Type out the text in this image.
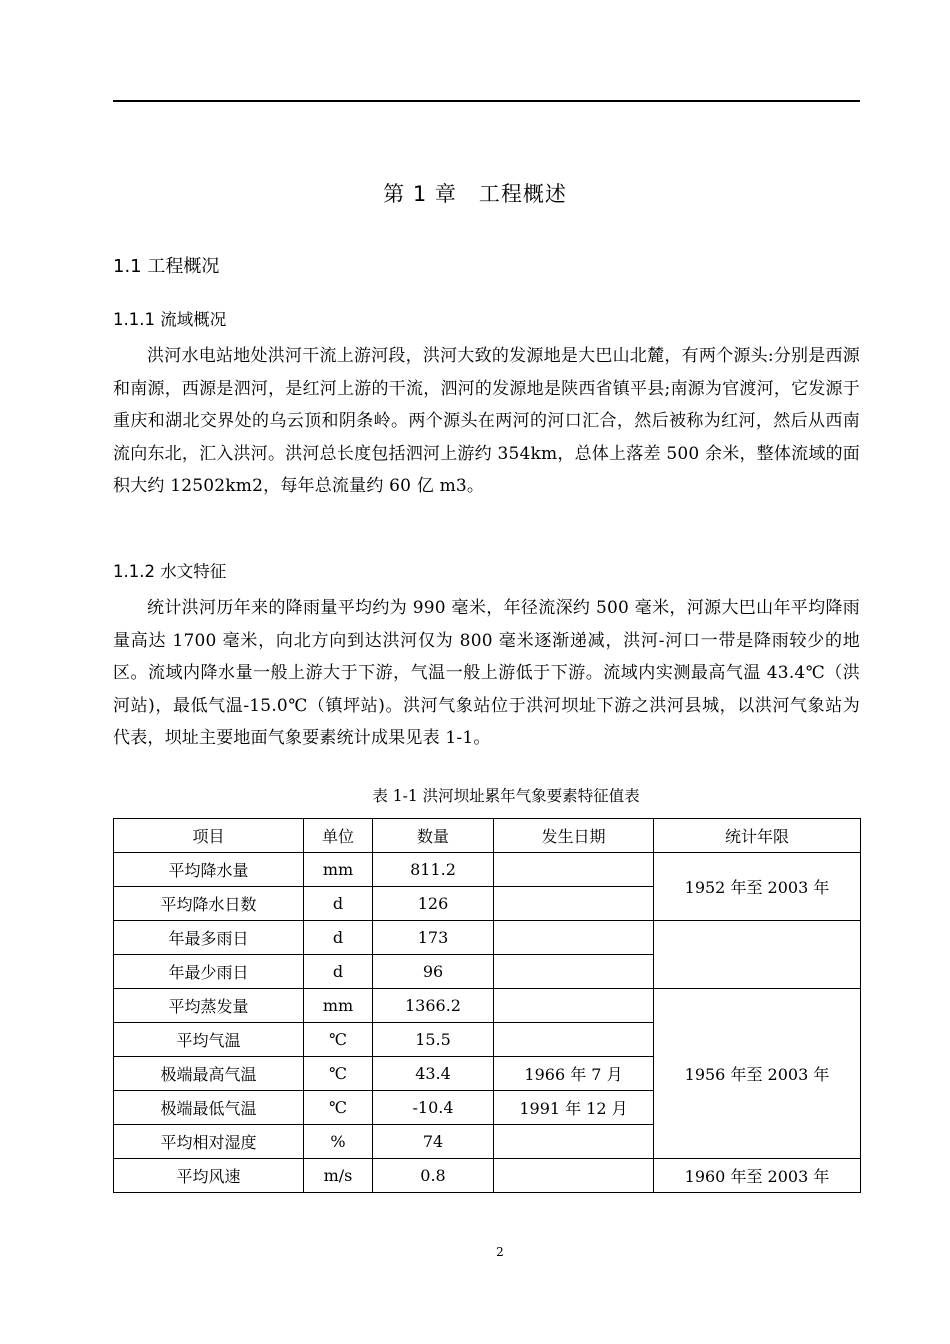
第 1 章　工程概述
1.1 工程概况
1.1.1 流域概况

洪河水电站地处洪河干流上游河段，洪河大致的发源地是大巴山北麓，有两个源头:分别是西源和南源，西源是泗河，是红河上游的干流，泗河的发源地是陕西省镇平县;南源为官渡河，它发源于重庆和湖北交界处的乌云顶和阴条岭。两个源头在两河的河口汇合，然后被称为红河，然后从西南流向东北，汇入洪河。洪河总长度包括泗河上游约 354km，总体上落差 500 余米，整体流域的面积大约 12502km2，每年总流量约 60 亿 m3。

1.1.2 水文特征

统计洪河历年来的降雨量平均约为 990 毫米，年径流深约 500 毫米，河源大巴山年平均降雨量高达 1700 毫米，向北方向到达洪河仅为 800 毫米逐渐递减，洪河-河口一带是降雨较少的地区。流域内降水量一般上游大于下游，气温一般上游低于下游。流域内实测最高气温 43.4℃（洪河站)，最低气温-15.0℃（镇坪站)。洪河气象站位于洪河坝址下游之洪河县城，以洪河气象站为代表，坝址主要地面气象要素统计成果见表 1-1。

表 1-1 洪河坝址累年气象要素特征值表

项目	单位	数量	发生日期	统计年限
平均降水量	mm	811.2		1952 年至 2003 年
平均降水日数	d	126		
年最多雨日	d	173		
年最少雨日	d	96		
平均蒸发量	mm	1366.2		1956 年至 2003 年
平均气温	℃	15.5		
极端最高气温	℃	43.4	1966 年 7 月	
极端最低气温	℃	-10.4	1991 年 12 月	
平均相对湿度	%	74		
平均风速	m/s	0.8		1960 年至 2003 年
2
